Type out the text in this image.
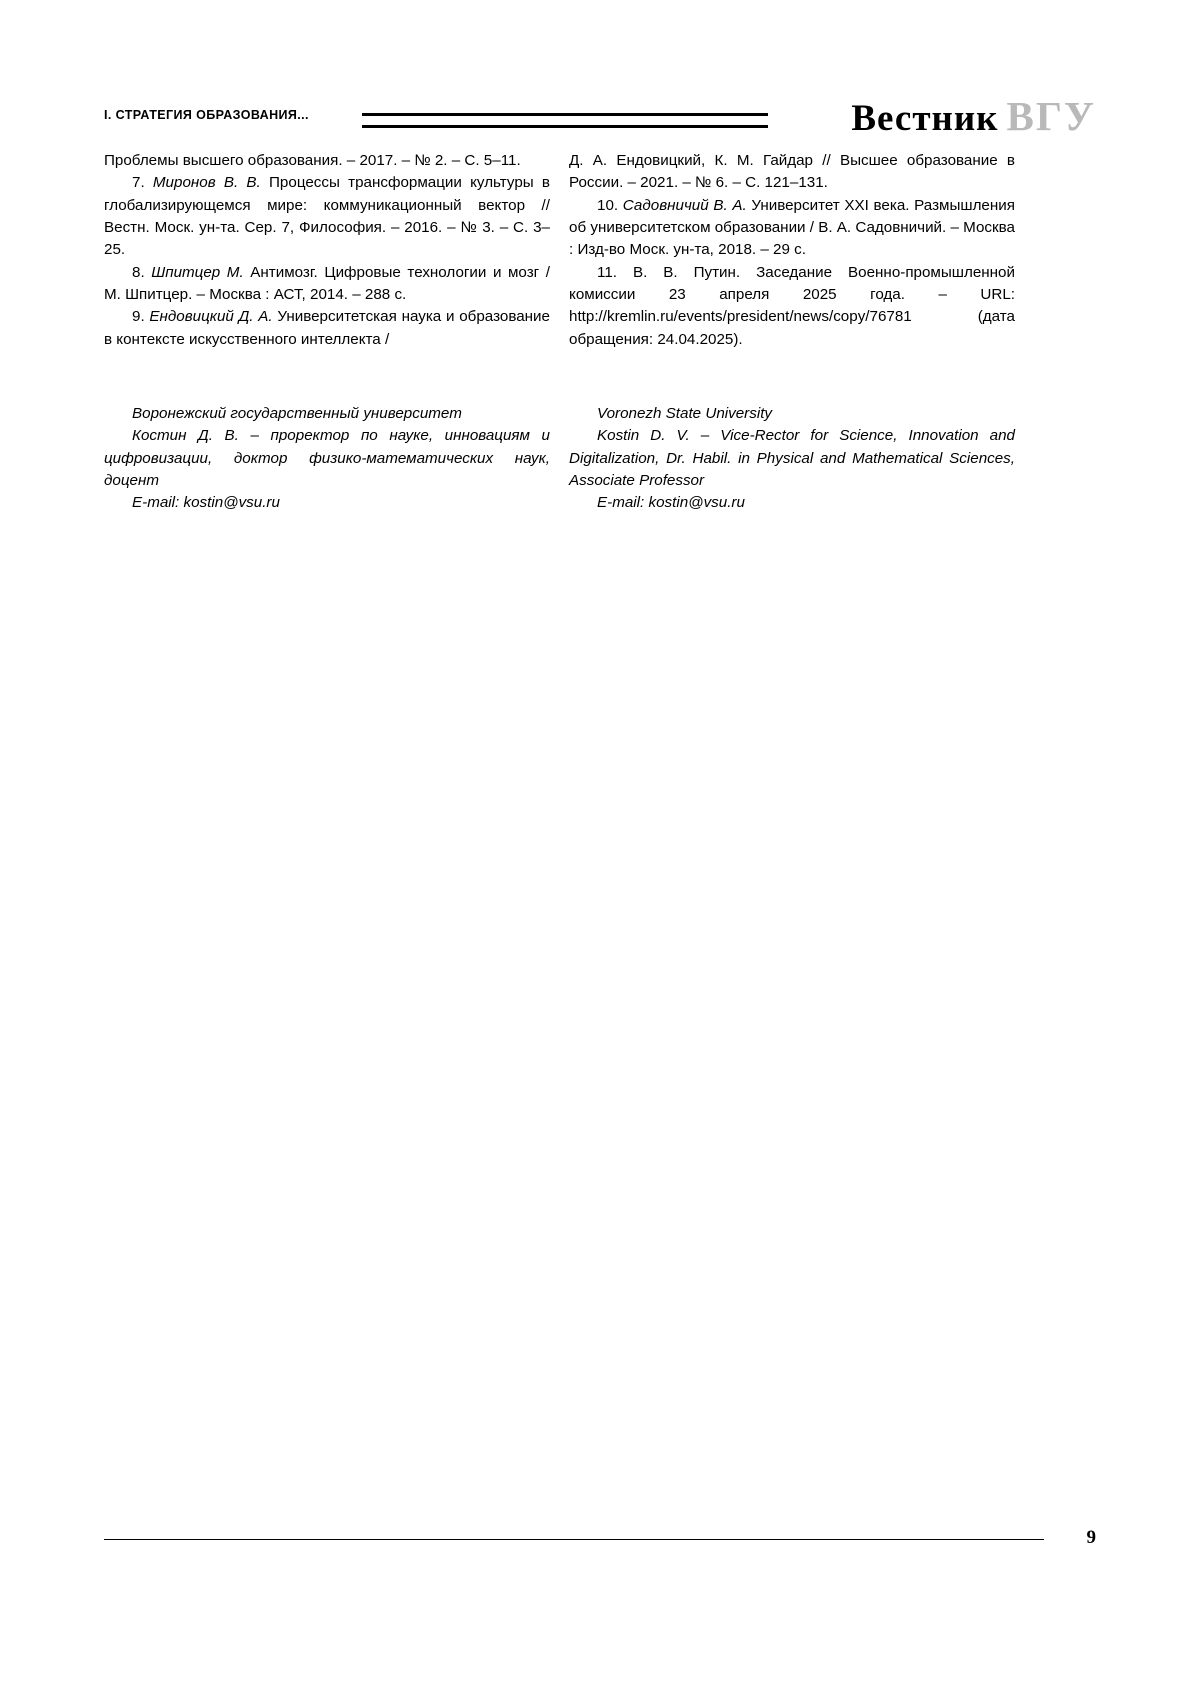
I. СТРАТЕГИЯ ОБРАЗОВАНИЯ...	Вестник ВГУ

Проблемы высшего образования. – 2017. – № 2. – С. 5–11.

7. Миронов В. В. Процессы трансформации культуры в глобализирующемся мире: коммуникационный вектор // Вестн. Моск. ун-та. Сер. 7, Философия. – 2016. – № 3. – С. 3–25.

8. Шпитцер М. Антимозг. Цифровые технологии и мозг / М. Шпитцер. – Москва : АСТ, 2014. – 288 с.

9. Ендовицкий Д. А. Университетская наука и образование в контексте искусственного интеллекта /

Воронежский государственный университет

Костин Д. В. – проректор по науке, инновациям и цифровизации, доктор физико-математических наук, доцент

E-mail: kostin@vsu.ru

Д. А. Ендовицкий, К. М. Гайдар // Высшее образование в России. – 2021. – № 6. – С. 121–131.

10. Садовничий В. А. Университет XXI века. Размышления об университетском образовании / В. А. Садовничий. – Москва : Изд-во Моск. ун-та, 2018. – 29 с.

11. В. В. Путин. Заседание Военно-промышленной комиссии 23 апреля 2025 года. – URL: http://kremlin.ru/events/president/news/copy/76781 (дата обращения: 24.04.2025).

Voronezh State University

Kostin D. V. – Vice-Rector for Science, Innovation and Digitalization, Dr. Habil. in Physical and Mathematical Sciences, Associate Professor

E-mail: kostin@vsu.ru

9
